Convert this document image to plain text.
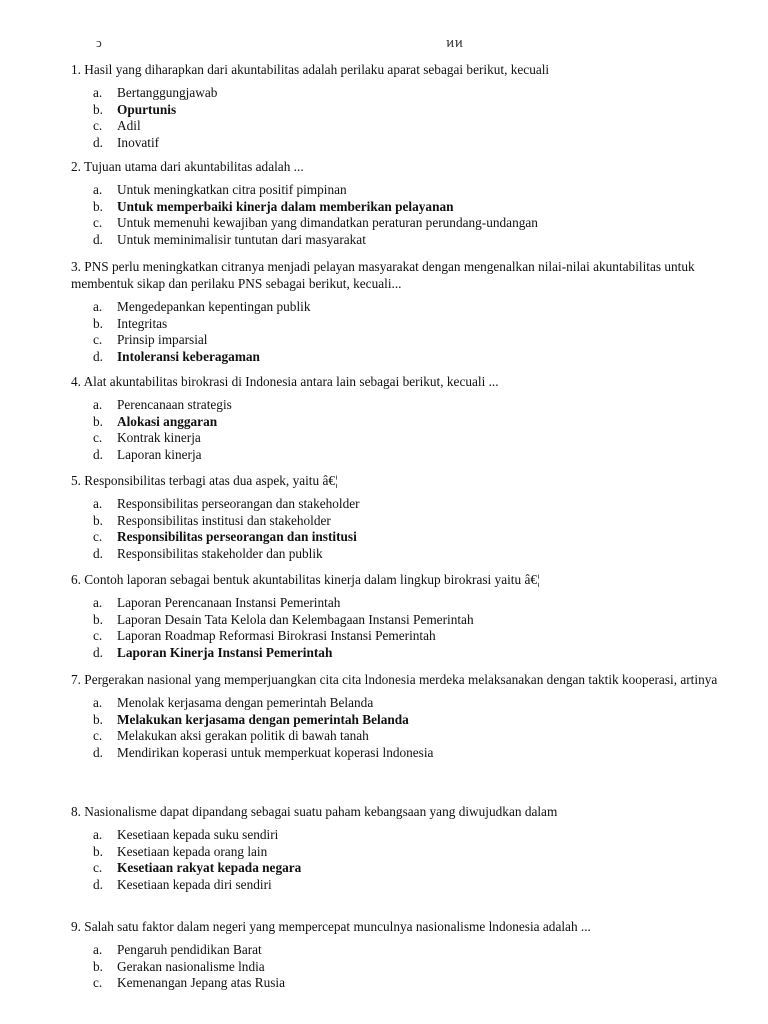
ͻ	ͷͷ

1. Hasil yang diharapkan dari akuntabilitas adalah perilaku aparat sebagai berikut, kecuali

a.	Bertanggungjawab
b.	Opurtunis
c.	Adil
d.	Inovatif

2. Tujuan utama dari akuntabilitas adalah ...

a.	Untuk meningkatkan citra positif pimpinan
b.	Untuk memperbaiki kinerja dalam memberikan pelayanan
c.	Untuk memenuhi kewajiban yang dimandatkan peraturan perundang-undangan
d.	Untuk meminimalisir tuntutan dari masyarakat

3. PNS perlu meningkatkan citranya menjadi pelayan masyarakat dengan mengenalkan nilai-nilai akuntabilitas untuk membentuk sikap dan perilaku PNS sebagai berikut, kecuali...

a.	Mengedepankan kepentingan publik
b.	Integritas
c.	Prinsip imparsial
d.	Intoleransi keberagaman

4. Alat akuntabilitas birokrasi di Indonesia antara lain sebagai berikut, kecuali ...

a.	Perencanaan strategis
b.	Alokasi anggaran
c.	Kontrak kinerja
d.	Laporan kinerja

5. Responsibilitas terbagi atas dua aspek, yaitu â€¦

a.	Responsibilitas perseorangan dan stakeholder
b.	Responsibilitas institusi dan stakeholder
c.	Responsibilitas perseorangan dan institusi
d.	Responsibilitas stakeholder dan publik

6. Contoh laporan sebagai bentuk akuntabilitas kinerja dalam lingkup birokrasi yaitu â€¦

a.	Laporan Perencanaan Instansi Pemerintah
b.	Laporan Desain Tata Kelola dan Kelembagaan Instansi Pemerintah
c.	Laporan Roadmap Reformasi Birokrasi Instansi Pemerintah
d.	Laporan Kinerja Instansi Pemerintah

7. Pergerakan nasional yang memperjuangkan cita cita lndonesia merdeka melaksanakan dengan taktik kooperasi, artinya

a.	Menolak kerjasama dengan pemerintah Belanda
b.	Melakukan kerjasama dengan pemerintah Belanda
c.	Melakukan aksi gerakan politik di bawah tanah
d.	Mendirikan koperasi untuk memperkuat koperasi lndonesia

8. Nasionalisme dapat dipandang sebagai suatu paham kebangsaan yang diwujudkan dalam

a.	Kesetiaan kepada suku sendiri
b.	Kesetiaan kepada orang lain
c.	Kesetiaan rakyat kepada negara
d.	Kesetiaan kepada diri sendiri

9. Salah satu faktor dalam negeri yang mempercepat munculnya nasionalisme lndonesia adalah ...

a.	Pengaruh pendidikan Barat
b.	Gerakan nasionalisme lndia
c.	Kemenangan Jepang atas Rusia
